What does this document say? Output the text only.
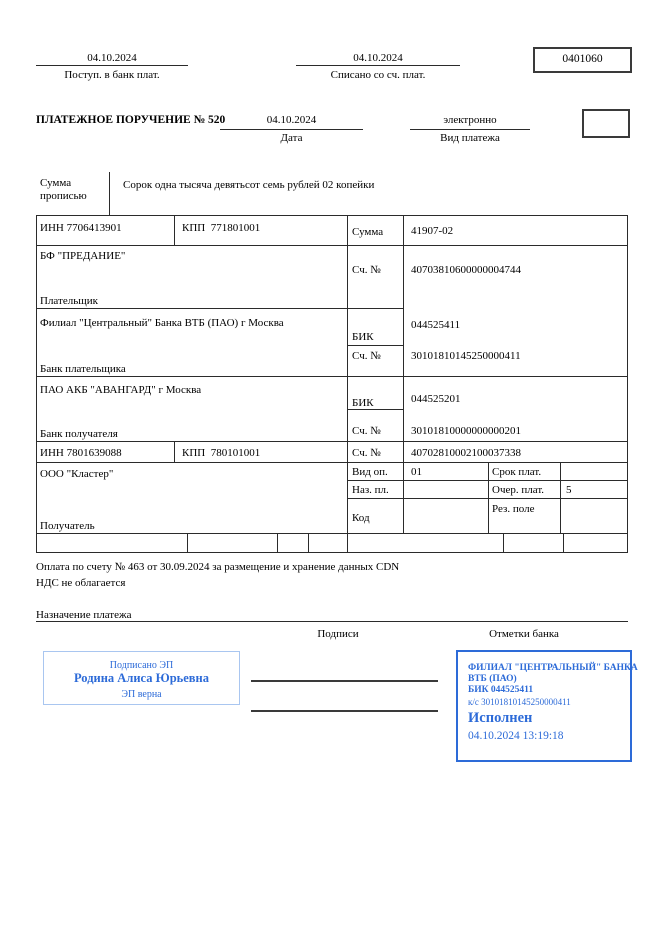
04.10.2024
Поступ. в банк плат.
04.10.2024
Списано со сч. плат.
0401060
ПЛАТЕЖНОЕ ПОРУЧЕНИЕ № 520	04.10.2024
Дата
электронно
Вид платежа
Сумма прописью
Сорок одна тысяча девятьсот семь рублей 02 копейки
ИНН 7706413901	КПП  771801001	Сумма	41907-02
БФ "ПРЕДАНИЕ"
Сч. №	40703810600000004744
Плательщик
Филиал "Центральный" Банка ВТБ (ПАО) г Москва	044525411
БИК
Сч. №	30101810145250000411
Банк плательщика
ПАО АКБ "АВАНГАРД" г Москва
044525201
БИК
Сч. №	30101810000000000201
Банк получателя
ИНН 7801639088	КПП  780101001	Сч. №	40702810002100037338
ООО "Кластер"	Вид оп. 01	Срок плат.
Наз. пл.	Очер. плат. 5
Код
Рез. поле
Получатель
Оплата по счету № 463 от 30.09.2024 за размещение и хранение данных CDN
НДС не облагается
Назначение платежа
Подписи	Отметки банка
Подписано ЭП
Родина Алиса Юрьевна
ЭП верна
ФИЛИАЛ "ЦЕНТРАЛЬНЫЙ" БАНКА
ВТБ (ПАО)
БИК 044525411
к/с 30101810145250000411
Исполнен
04.10.2024 13:19:18
